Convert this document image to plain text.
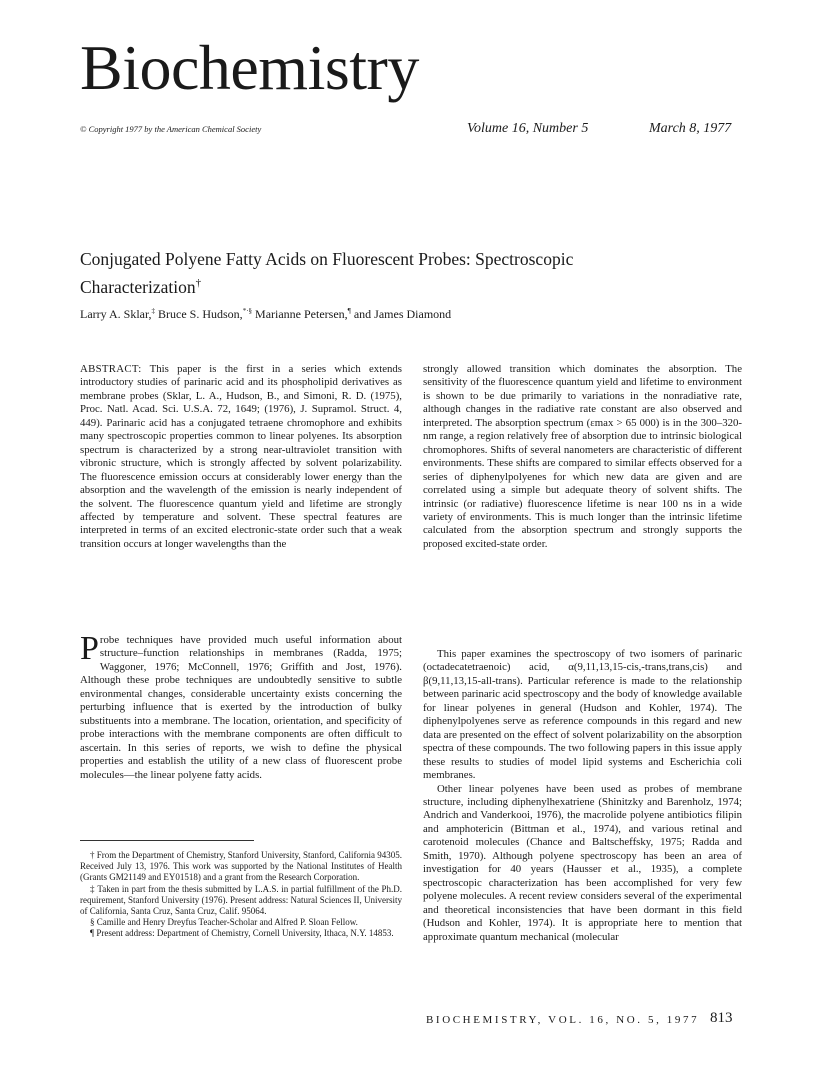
Biochemistry
© Copyright 1977 by the American Chemical Society	Volume 16, Number 5	March 8, 1977
Conjugated Polyene Fatty Acids on Fluorescent Probes: Spectroscopic Characterization†
Larry A. Sklar,‡ Bruce S. Hudson,*·§ Marianne Petersen,¶ and James Diamond
ABSTRACT: This paper is the first in a series which extends introductory studies of parinaric acid and its phospholipid derivatives as membrane probes (Sklar, L. A., Hudson, B., and Simoni, R. D. (1975), Proc. Natl. Acad. Sci. U.S.A. 72, 1649; (1976), J. Supramol. Struct. 4, 449). Parinaric acid has a conjugated tetraene chromophore and exhibits many spectroscopic properties common to linear polyenes. Its absorption spectrum is characterized by a strong near-ultraviolet transition with vibronic structure, which is strongly affected by solvent polarizability. The fluorescence emission occurs at considerably lower energy than the absorption and the wavelength of the emission is nearly independent of the solvent. The fluorescence quantum yield and lifetime are strongly affected by temperature and solvent. These spectral features are interpreted in terms of an excited electronic-state order such that a weak transition occurs at longer wavelengths than the
strongly allowed transition which dominates the absorption. The sensitivity of the fluorescence quantum yield and lifetime to environment is shown to be due primarily to variations in the nonradiative rate, although changes in the radiative rate constant are also observed and interpreted. The absorption spectrum (εmax > 65 000) is in the 300–320-nm range, a region relatively free of absorption due to intrinsic biological chromophores. Shifts of several nanometers are characteristic of different environments. These shifts are compared to similar effects observed for a series of diphenylpolyenes for which new data are given and are correlated using a simple but adequate theory of solvent shifts. The intrinsic (or radiative) fluorescence lifetime is near 100 ns in a wide variety of environments. This is much longer than the intrinsic lifetime calculated from the absorption spectrum and strongly supports the proposed excited-state order.
Probe techniques have provided much useful information about structure–function relationships in membranes (Radda, 1975; Waggoner, 1976; McConnell, 1976; Griffith and Jost, 1976). Although these probe techniques are undoubtedly sensitive to subtle environmental changes, considerable uncertainty exists concerning the perturbing influence that is exerted by the introduction of bulky substituents into a membrane. The location, orientation, and specificity of probe interactions with the membrane components are often difficult to ascertain. In this series of reports, we wish to define the physical properties and establish the utility of a new class of fluorescent probe molecules—the linear polyene fatty acids.

This paper examines the spectroscopy of two isomers of parinaric (octadecatetraenoic) acid, α(9,11,13,15-cis,-trans,trans,cis) and β(9,11,13,15-all-trans). Particular reference is made to the relationship between parinaric acid spectroscopy and the body of knowledge available for linear polyenes in general (Hudson and Kohler, 1974). The diphenylpolyenes serve as reference compounds in this regard and new data are presented on the effect of solvent polarizability on the absorption spectra of these compounds. The two following papers in this issue apply these results to studies of model lipid systems and Escherichia coli membranes.

Other linear polyenes have been used as probes of membrane structure, including diphenylhexatriene (Shinitzky and Barenholz, 1974; Andrich and Vanderkooi, 1976), the macrolide polyene antibiotics filipin and amphotericin (Bittman et al., 1974), and various retinal and carotenoid molecules (Chance and Baltscheffsky, 1975; Radda and Smith, 1970). Although polyene spectroscopy has been an area of investigation for 40 years (Hausser et al., 1935), a complete spectroscopic characterization has been accomplished for very few polyene molecules. A recent review considers several of the experimental and theoretical inconsistencies that have been dormant in this field (Hudson and Kohler, 1974). It is appropriate here to mention that approximate quantum mechanical (molecular

† From the Department of Chemistry, Stanford University, Stanford, California 94305. Received July 13, 1976. This work was supported by the National Institutes of Health (Grants GM21149 and EY01518) and a grant from the Research Corporation.

‡ Taken in part from the thesis submitted by L.A.S. in partial fulfillment of the Ph.D. requirement, Stanford University (1976). Present address: Natural Sciences II, University of California, Santa Cruz, Santa Cruz, Calif. 95064.

§ Camille and Henry Dreyfus Teacher-Scholar and Alfred P. Sloan Fellow.

¶ Present address: Department of Chemistry, Cornell University, Ithaca, N.Y. 14853.

BIOCHEMISTRY, VOL. 16, NO. 5, 1977 813
